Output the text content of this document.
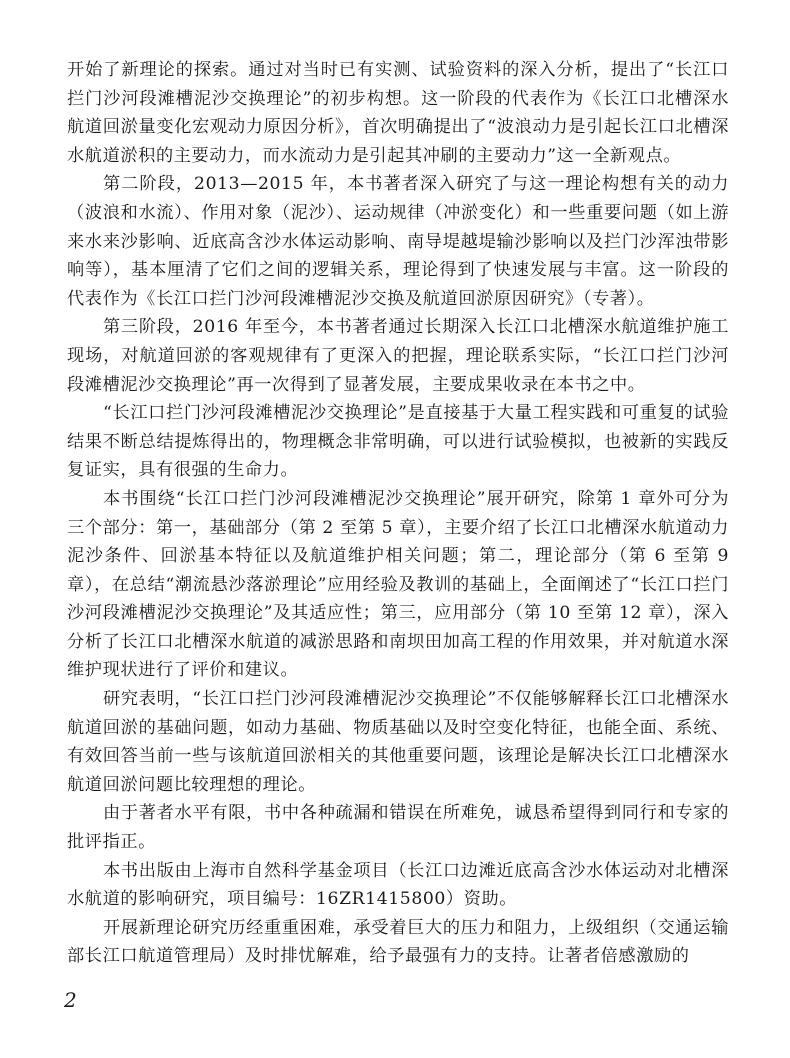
开始了新理论的探索。通过对当时已有实测、试验资料的深入分析，提出了“长江口拦门沙河段滩槽泥沙交换理论”的初步构想。这一阶段的代表作为《长江口北槽深水航道回淤量变化宏观动力原因分析》，首次明确提出了“波浪动力是引起长江口北槽深水航道淤积的主要动力，而水流动力是引起其冲刷的主要动力”这一全新观点。

第二阶段，2013—2015 年，本书著者深入研究了与这一理论构想有关的动力（波浪和水流）、作用对象（泥沙）、运动规律（冲淤变化）和一些重要问题（如上游来水来沙影响、近底高含沙水体运动影响、南导堤越堤输沙影响以及拦门沙浑浊带影响等），基本厘清了它们之间的逻辑关系，理论得到了快速发展与丰富。这一阶段的代表作为《长江口拦门沙河段滩槽泥沙交换及航道回淤原因研究》（专著）。

第三阶段，2016 年至今，本书著者通过长期深入长江口北槽深水航道维护施工现场，对航道回淤的客观规律有了更深入的把握，理论联系实际，“长江口拦门沙河段滩槽泥沙交换理论”再一次得到了显著发展，主要成果收录在本书之中。

“长江口拦门沙河段滩槽泥沙交换理论”是直接基于大量工程实践和可重复的试验结果不断总结提炼得出的，物理概念非常明确，可以进行试验模拟，也被新的实践反复证实，具有很强的生命力。

本书围绕“长江口拦门沙河段滩槽泥沙交换理论”展开研究，除第 1 章外可分为三个部分：第一，基础部分（第 2 至第 5 章），主要介绍了长江口北槽深水航道动力泥沙条件、回淤基本特征以及航道维护相关问题；第二，理论部分（第 6 至第 9 章），在总结“潮流悬沙落淤理论”应用经验及教训的基础上，全面阐述了“长江口拦门沙河段滩槽泥沙交换理论”及其适应性；第三，应用部分（第 10 至第 12 章），深入分析了长江口北槽深水航道的减淤思路和南坝田加高工程的作用效果，并对航道水深维护现状进行了评价和建议。

研究表明，“长江口拦门沙河段滩槽泥沙交换理论”不仅能够解释长江口北槽深水航道回淤的基础问题，如动力基础、物质基础以及时空变化特征，也能全面、系统、有效回答当前一些与该航道回淤相关的其他重要问题，该理论是解决长江口北槽深水航道回淤问题比较理想的理论。

由于著者水平有限，书中各种疏漏和错误在所难免，诚恳希望得到同行和专家的批评指正。

本书出版由上海市自然科学基金项目（长江口边滩近底高含沙水体运动对北槽深水航道的影响研究，项目编号：16ZR1415800）资助。

开展新理论研究历经重重困难，承受着巨大的压力和阻力，上级组织（交通运输部长江口航道管理局）及时排忧解难，给予最强有力的支持。让著者倍感激励的

2
